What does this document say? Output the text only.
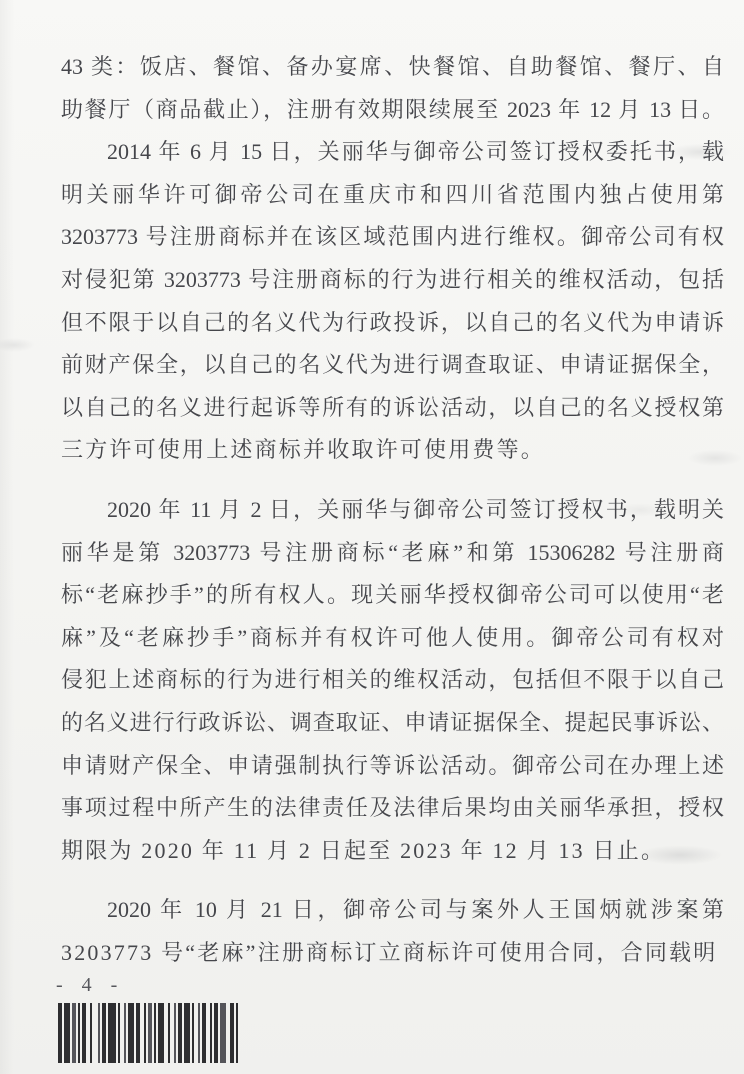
43 类：饭店、餐馆、备办宴席、快餐馆、自助餐馆、餐厅、自
助餐厅（商品截止），注册有效期限续展至 2023 年 12 月 13 日。
2014 年 6 月 15 日，关丽华与御帝公司签订授权委托书，载
明关丽华许可御帝公司在重庆市和四川省范围内独占使用第
3203773 号注册商标并在该区域范围内进行维权。御帝公司有权
对侵犯第 3203773 号注册商标的行为进行相关的维权活动，包括
但不限于以自己的名义代为行政投诉，以自己的名义代为申请诉
前财产保全，以自己的名义代为进行调查取证、申请证据保全，
以自己的名义进行起诉等所有的诉讼活动，以自己的名义授权第
三方许可使用上述商标并收取许可使用费等。
2020 年 11 月 2 日，关丽华与御帝公司签订授权书，载明关
丽华是第 3203773 号注册商标“老麻”和第 15306282 号注册商
标“老麻抄手”的所有权人。现关丽华授权御帝公司可以使用“老
麻”及“老麻抄手”商标并有权许可他人使用。御帝公司有权对
侵犯上述商标的行为进行相关的维权活动，包括但不限于以自己
的名义进行行政诉讼、调查取证、申请证据保全、提起民事诉讼、
申请财产保全、申请强制执行等诉讼活动。御帝公司在办理上述
事项过程中所产生的法律责任及法律后果均由关丽华承担，授权
期限为 2020 年 11 月 2 日起至 2023 年 12 月 13 日止。
2020 年 10 月 21 日，御帝公司与案外人王国炳就涉案第
3203773 号“老麻”注册商标订立商标许可使用合同，合同载明
- 4 -
